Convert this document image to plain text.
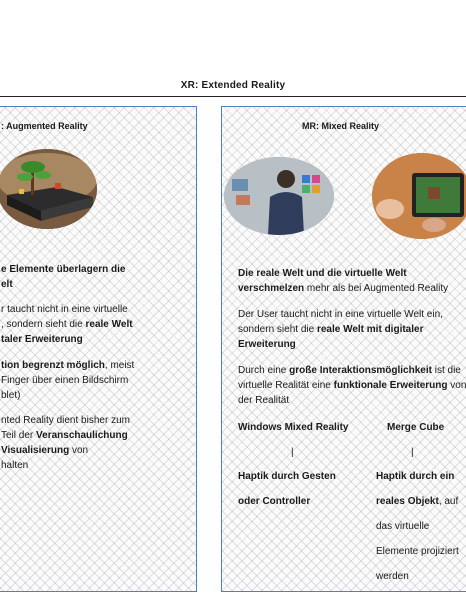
XR: Extended Reality
: Augmented Reality
e Elemente überlagern die
elt
r taucht nicht in eine virtuelle
, sondern sieht die reale Welt
taler Erweiterung
tion begrenzt möglich, meist
Finger über einen Bildschirm
blet)
nted Reality dient bisher zum
Teil der Veranschaulichung
Visualisierung von
halten
MR: Mixed Reality
Die reale Welt und die virtuelle Welt
verschmelzen mehr als bei Augmented Reality
Der User taucht nicht in eine virtuelle Welt ein,
sondern sieht die reale Welt mit digitaler
Erweiterung
Durch eine große Interaktionsmöglichkeit ist die
virtuelle Realität eine funktionale Erweiterung von
der Realität
Windows Mixed Reality	Merge Cube
|	|
Haptik durch Gesten
oder Controller
Haptik durch ein
reales Objekt, auf
das virtuelle
Elemente projiziert
werden
